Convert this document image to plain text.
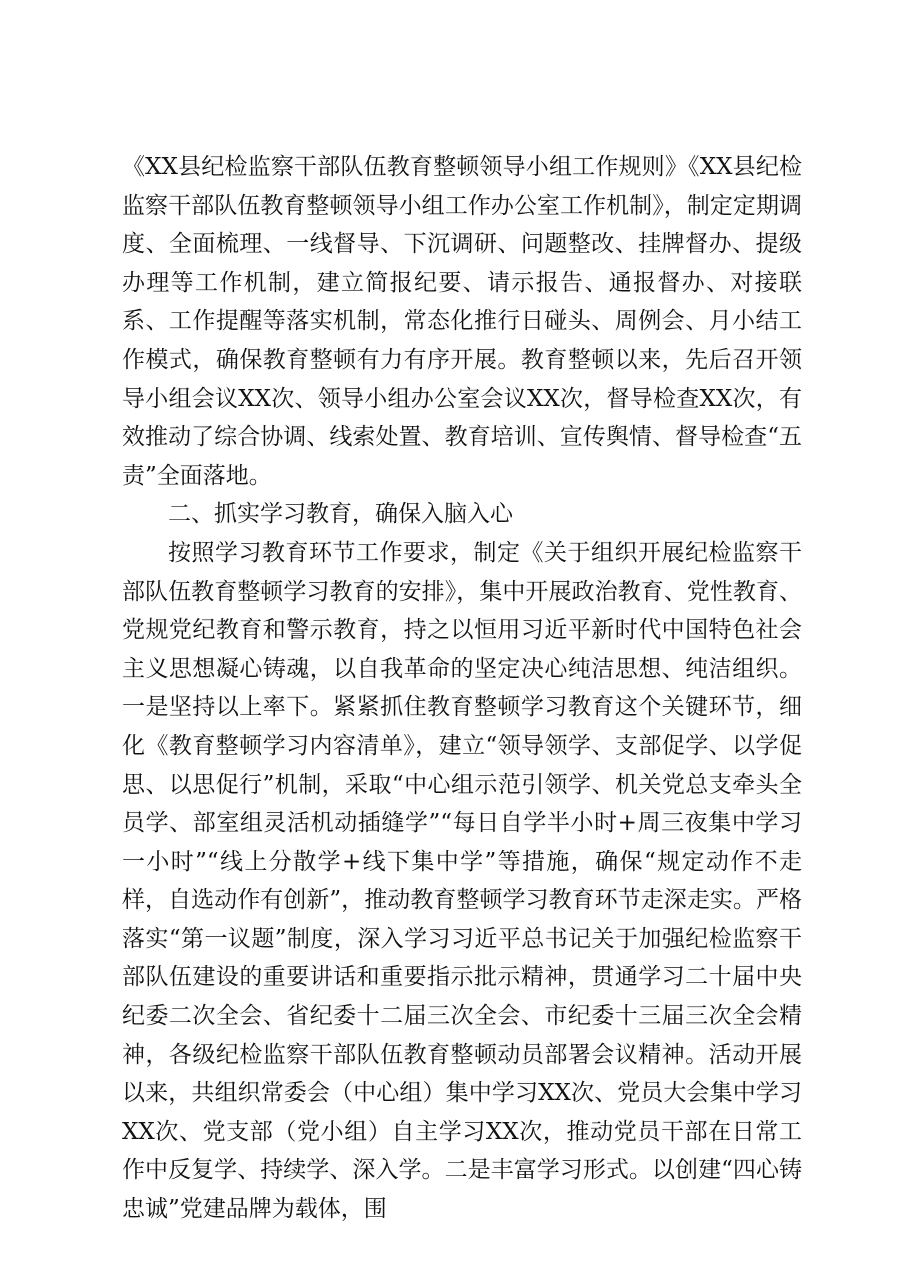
《XX县纪检监察干部队伍教育整顿领导小组工作规则》《XX县纪检监察干部队伍教育整顿领导小组工作办公室工作机制》，制定定期调度、全面梳理、一线督导、下沉调研、问题整改、挂牌督办、提级办理等工作机制，建立简报纪要、请示报告、通报督办、对接联系、工作提醒等落实机制，常态化推行日碰头、周例会、月小结工作模式，确保教育整顿有力有序开展。教育整顿以来，先后召开领导小组会议XX次、领导小组办公室会议XX次，督导检查XX次，有效推动了综合协调、线索处置、教育培训、宣传舆情、督导检查“五责”全面落地。

二、抓实学习教育，确保入脑入心

按照学习教育环节工作要求，制定《关于组织开展纪检监察干部队伍教育整顿学习教育的安排》，集中开展政治教育、党性教育、党规党纪教育和警示教育，持之以恒用习近平新时代中国特色社会主义思想凝心铸魂，以自我革命的坚定决心纯洁思想、纯洁组织。一是坚持以上率下。紧紧抓住教育整顿学习教育这个关键环节，细化《教育整顿学习内容清单》，建立“领导领学、支部促学、以学促思、以思促行”机制，采取“中心组示范引领学、机关党总支牵头全员学、部室组灵活机动插缝学”“每日自学半小时+周三夜集中学习一小时”“线上分散学+线下集中学”等措施，确保“规定动作不走样，自选动作有创新”，推动教育整顿学习教育环节走深走实。严格落实“第一议题”制度，深入学习习近平总书记关于加强纪检监察干部队伍建设的重要讲话和重要指示批示精神，贯通学习二十届中央纪委二次全会、省纪委十二届三次全会、市纪委十三届三次全会精神，各级纪检监察干部队伍教育整顿动员部署会议精神。活动开展以来，共组织常委会（中心组）集中学习XX次、党员大会集中学习XX次、党支部（党小组）自主学习XX次，推动党员干部在日常工作中反复学、持续学、深入学。二是丰富学习形式。以创建“四心铸忠诚”党建品牌为载体，围
